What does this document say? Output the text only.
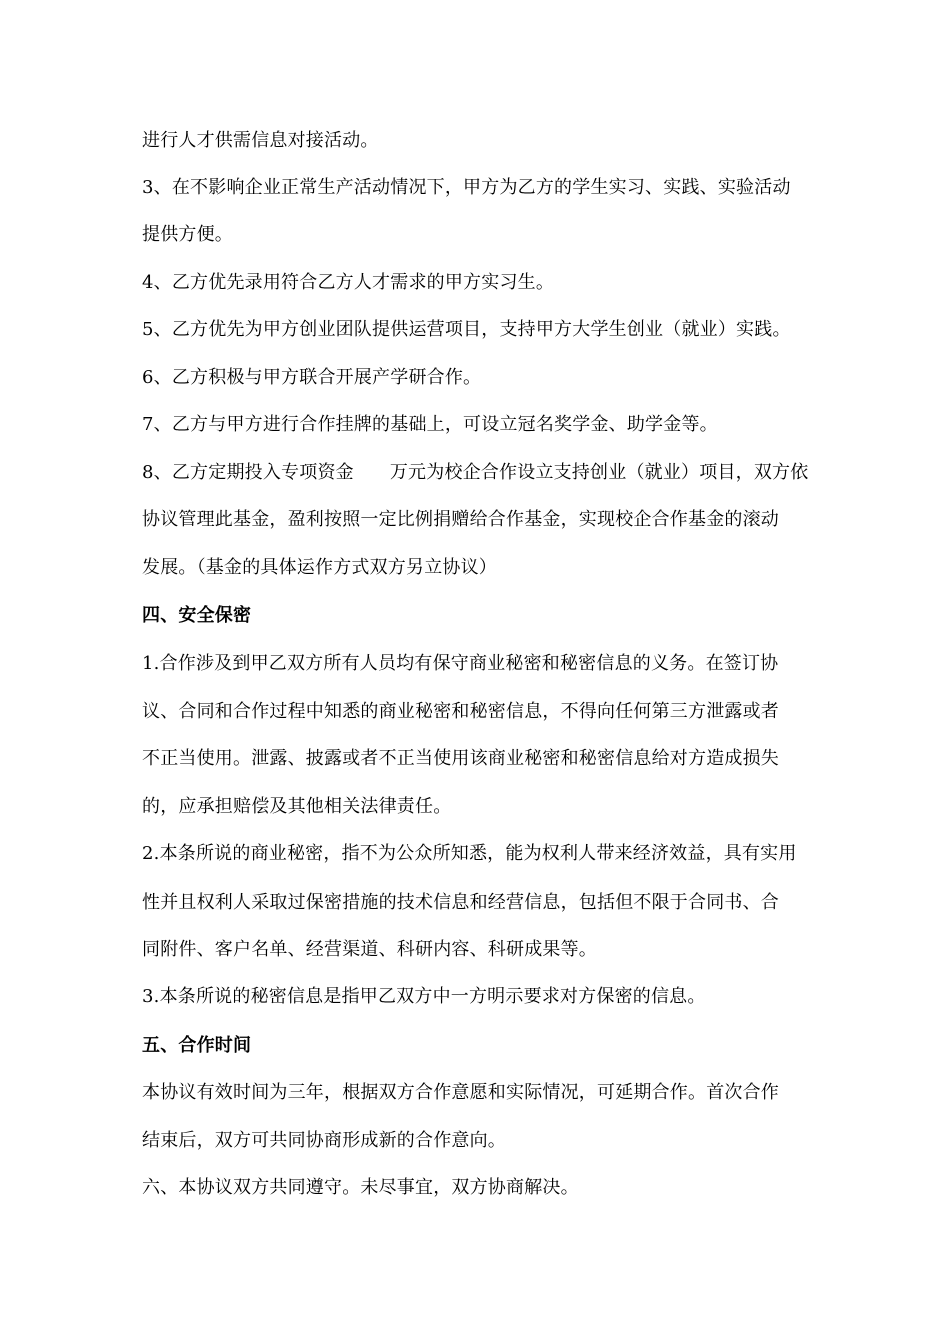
进行人才供需信息对接活动。
3、在不影响企业正常生产活动情况下，甲方为乙方的学生实习、实践、实验活动
提供方便。
4、乙方优先录用符合乙方人才需求的甲方实习生。
5、乙方优先为甲方创业团队提供运营项目，支持甲方大学生创业（就业）实践。
6、乙方积极与甲方联合开展产学研合作。
7、乙方与甲方进行合作挂牌的基础上，可设立冠名奖学金、助学金等。
8、乙方定期投入专项资金 万元为校企合作设立支持创业（就业）项目，双方依
协议管理此基金，盈利按照一定比例捐赠给合作基金，实现校企合作基金的滚动
发展。（基金的具体运作方式双方另立协议）
四、安全保密
1.合作涉及到甲乙双方所有人员均有保守商业秘密和秘密信息的义务。在签订协
议、合同和合作过程中知悉的商业秘密和秘密信息，不得向任何第三方泄露或者
不正当使用。泄露、披露或者不正当使用该商业秘密和秘密信息给对方造成损失
的，应承担赔偿及其他相关法律责任。
2.本条所说的商业秘密，指不为公众所知悉，能为权利人带来经济效益，具有实用
性并且权利人采取过保密措施的技术信息和经营信息，包括但不限于合同书、合
同附件、客户名单、经营渠道、科研内容、科研成果等。
3.本条所说的秘密信息是指甲乙双方中一方明示要求对方保密的信息。
五、合作时间
本协议有效时间为三年，根据双方合作意愿和实际情况，可延期合作。首次合作
结束后，双方可共同协商形成新的合作意向。
六、本协议双方共同遵守。未尽事宜，双方协商解决。
